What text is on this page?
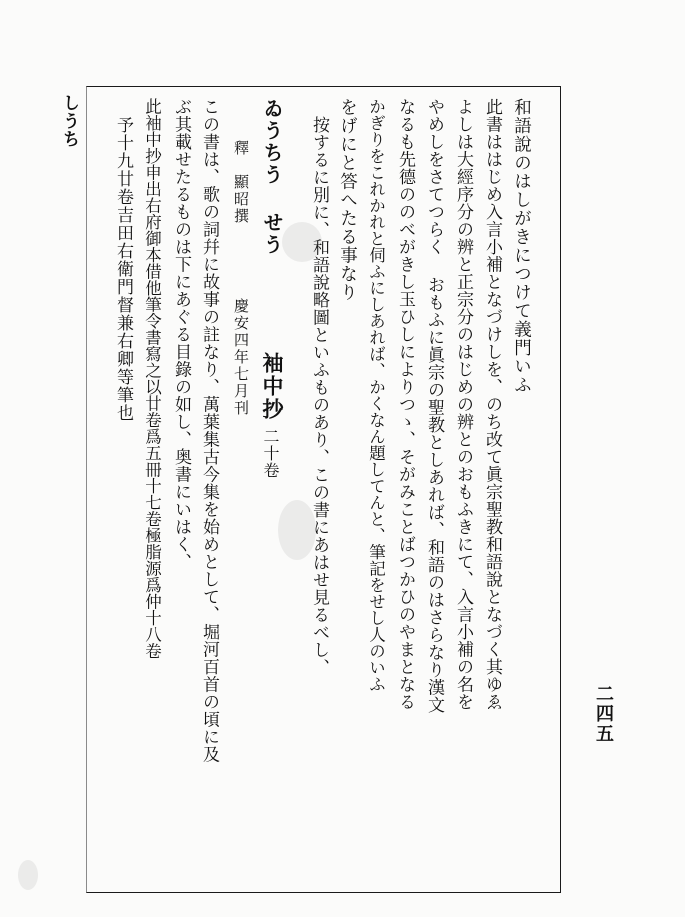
しうち
二四五
和語說のはしがきにつけて義門いふ
此書ははじめ入言小補となづけしを、のち改て眞宗聖教和語說となづく其ゆゑ
よしは大經序分の辨と正宗分のはじめの辨とのおもふきにて、入言小補の名を
やめしをさてつらく おもふに眞宗の聖教としあれば、和語のはさらなり漢文
なるも先德ののべがきし玉ひしによりつゝ、そがみことばつかひのやまとなる
かぎりをこれかれと伺ふにしあれば、かくなん題してんと、筆記をせし人のいふ
をげにと答へたる事なり
按するに別に、和語說略圖といふものあり、この書にあはせ見るべし、
ゐうちう せう
袖中抄
二十卷
釋　顯昭撰
慶安四年七月刊
この書は、歌の詞幷に故事の註なり、萬葉集古今集を始めとして、堀河百首の頃に及
ぶ其載せたるものは下にあぐる目錄の如し、奥書にいはく、
此袖中抄申出右府御本借他筆令書寫之以廿卷爲五冊十七卷極脂源爲仲十八卷
予十九廿卷吉田右衛門督兼右卿等筆也
